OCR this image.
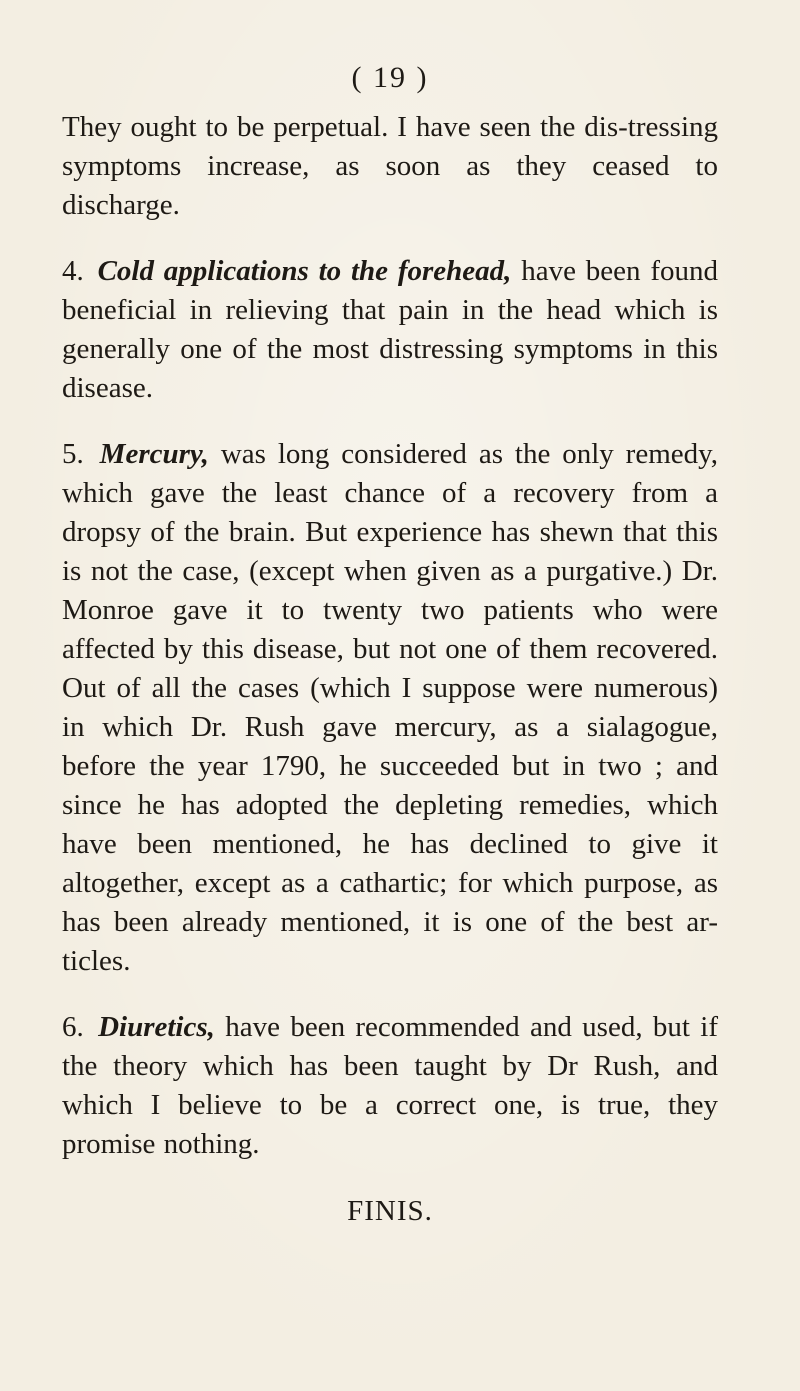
( 19 )

They ought to be perpetual. I have seen the dis-tressing symptoms increase, as soon as they ceased to discharge.

4. Cold applications to the forehead, have been found beneficial in relieving that pain in the head which is generally one of the most distressing symptoms in this disease.

5. Mercury, was long considered as the only remedy, which gave the least chance of a recovery from a dropsy of the brain. But experience has shewn that this is not the case, (except when given as a purgative.) Dr. Monroe gave it to twenty two patients who were affected by this disease, but not one of them recovered. Out of all the cases (which I suppose were numerous) in which Dr. Rush gave mercury, as a sialagogue, before the year 1790, he succeeded but in two ; and since he has adopted the depleting remedies, which have been mentioned, he has declined to give it altogether, except as a cathartic; for which purpose, as has been already mentioned, it is one of the best ar-ticles.

6. Diuretics, have been recommended and used, but if the theory which has been taught by Dr Rush, and which I believe to be a correct one, is true, they promise nothing.

FINIS.
